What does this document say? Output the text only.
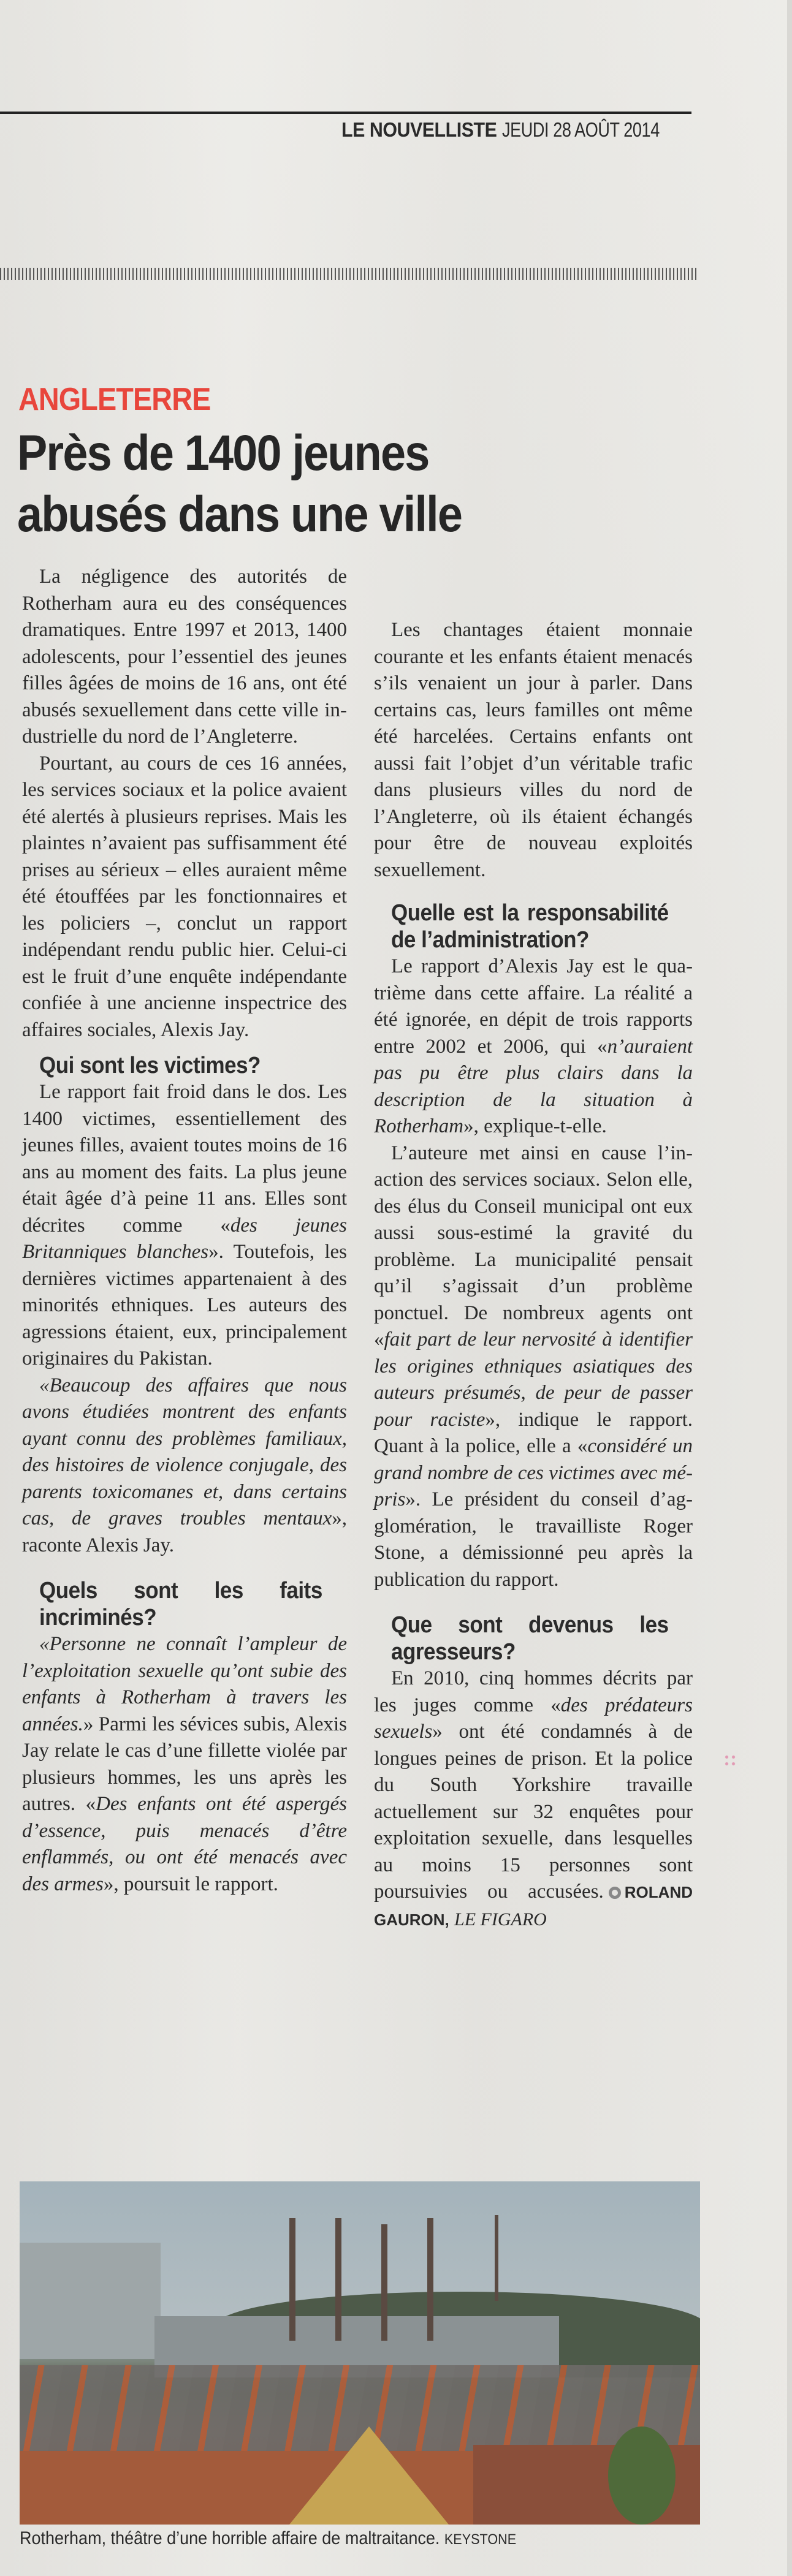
LE NOUVELLISTE JEUDI 28 AOÛT 2014
ANGLETERRE
Près de 1400 jeunes
abusés dans une ville

La négligence des autorités de Rotherham aura eu des conséquences dramatiques. Entre 1997 et 2013, 1400 adolescents, pour l’essentiel des jeunes filles âgées de moins de 16 ans, ont été abusés sexuellement dans cette ville industrielle du nord de l’Angleterre.

Pourtant, au cours de ces 16 années, les services sociaux et la police avaient été alertés à plusieurs reprises. Mais les plaintes n’avaient pas suffisamment été prises au sérieux – elles auraient même été étouffées par les fonctionnaires et les policiers –, conclut un rapport indépendant rendu public hier. Celui-ci est le fruit d’une enquête indépendante confiée à une ancienne inspectrice des affaires sociales, Alexis Jay.

Qui sont les victimes?

Le rapport fait froid dans le dos. Les 1400 victimes, essentiellement des jeunes filles, avaient toutes moins de 16 ans au moment des faits. La plus jeune était âgée d’à peine 11 ans. Elles sont décrites comme «des jeunes Britanniques blanches». Toutefois, les dernières victimes appartenaient à des minorités ethniques. Les auteurs des agressions étaient, eux, principalement originaires du Pakistan.

«Beaucoup des affaires que nous avons étudiées montrent des enfants ayant connu des problèmes familiaux, des histoires de violence conjugale, des parents toxicomanes et, dans certains cas, de graves troubles mentaux», raconte Alexis Jay.

Quels sont les faits incriminés?

«Personne ne connaît l’ampleur de l’exploitation sexuelle qu’ont subie des enfants à Rotherham à travers les années.» Parmi les sévices subis, Alexis Jay relate le cas d’une fillette violée par plusieurs hommes, les uns après les autres. «Des enfants ont été aspergés d’essence, puis menacés d’être enflammés, ou ont été menacés avec des armes», poursuit le rapport.

Les chantages étaient monnaie courante et les enfants étaient menacés s’ils venaient un jour à parler. Dans certains cas, leurs familles ont même été harcelées. Certains enfants ont aussi fait l’objet d’un véritable trafic dans plusieurs villes du nord de l’Angleterre, où ils étaient échangés pour être de nouveau exploités sexuellement.

Quelle est la responsabilité de l’administration?

Le rapport d’Alexis Jay est le quatrième dans cette affaire. La réalité a été ignorée, en dépit de trois rapports entre 2002 et 2006, qui «n’auraient pas pu être plus clairs dans la description de la situation à Rotherham», explique-t-elle.

L’auteure met ainsi en cause l’inaction des services sociaux. Selon elle, des élus du Conseil municipal ont eux aussi sous-estimé la gravité du problème. La municipalité pensait qu’il s’agissait d’un problème ponctuel. De nombreux agents ont «fait part de leur nervosité à identifier les origines ethniques asiatiques des auteurs présumés, de peur de passer pour raciste», indique le rapport. Quant à la police, elle a «considéré un grand nombre de ces victimes avec mépris». Le président du conseil d’agglomération, le travailliste Roger Stone, a démissionné peu après la publication du rapport.

Que sont devenus les agresseurs?

En 2010, cinq hommes décrits par les juges comme «des prédateurs sexuels» ont été condamnés à de longues peines de prison. Et la police du South Yorkshire travaille actuellement sur 32 enquêtes pour exploitation sexuelle, dans lesquelles au moins 15 personnes sont poursuivies ou accusées. ROLAND GAURON, LE FIGARO

Rotherham, théâtre d’une horrible affaire de maltraitance. KEYSTONE
